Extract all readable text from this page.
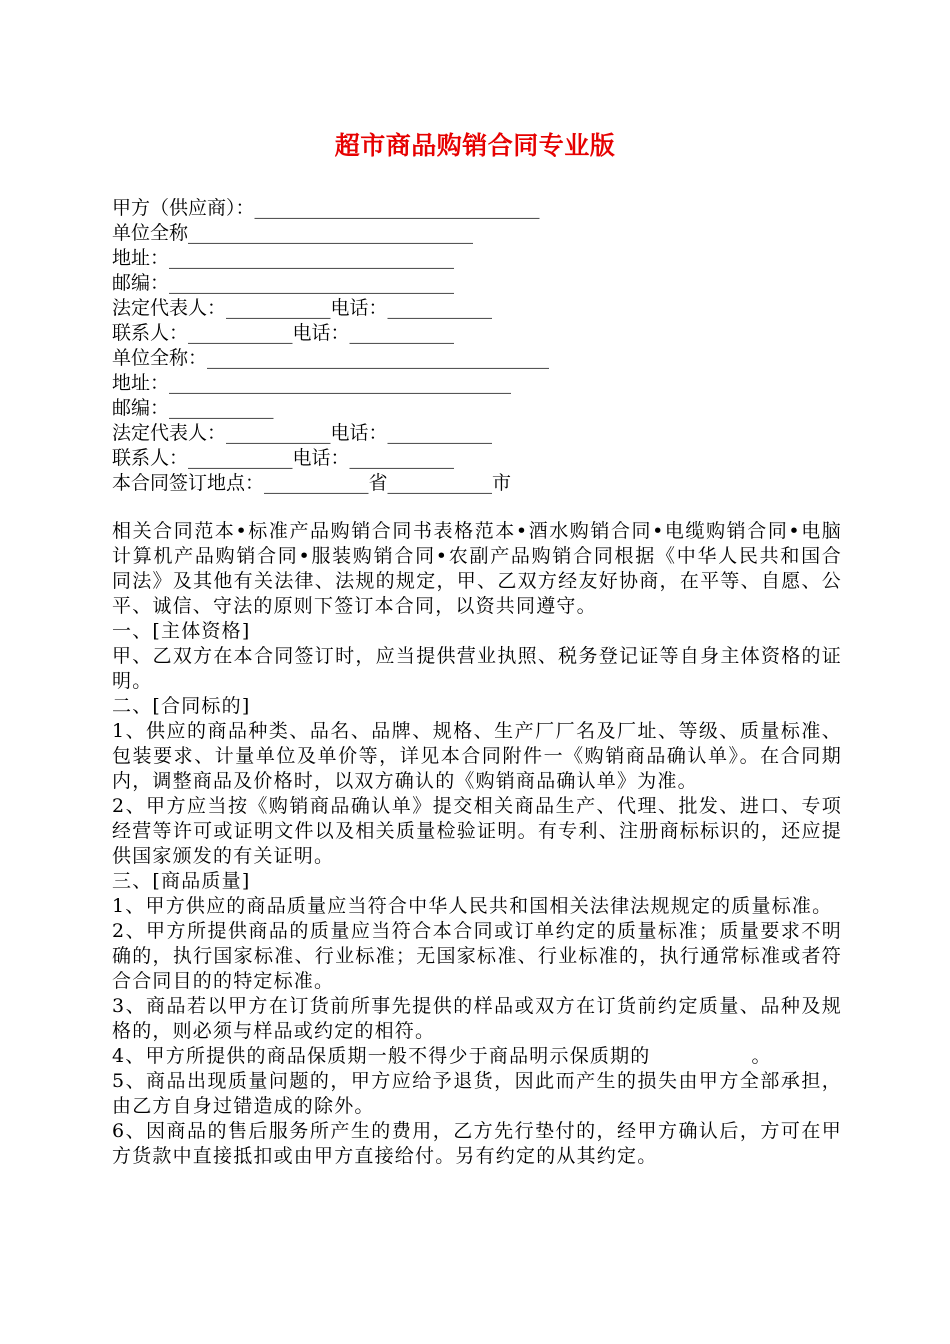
超市商品购销合同专业版
甲方（供应商）：______________________________
单位全称______________________________
地址：______________________________
邮编：______________________________
法定代表人：___________电话：___________
联系人：___________电话：___________
单位全称：____________________________________
地址：____________________________________
邮编：___________
法定代表人：___________电话：___________
联系人：___________电话：___________
本合同签订地点：___________省___________市

相关合同范本•标准产品购销合同书表格范本•酒水购销合同•电缆购销合同•电脑计算机产品购销合同•服装购销合同•农副产品购销合同根据《中华人民共和国合同法》及其他有关法律、法规的规定，甲、乙双方经友好协商，在平等、自愿、公平、诚信、守法的原则下签订本合同，以资共同遵守。

一、[主体资格]

甲、乙双方在本合同签订时，应当提供营业执照、税务登记证等自身主体资格的证明。

二、[合同标的]

1、供应的商品种类、品名、品牌、规格、生产厂厂名及厂址、等级、质量标准、包装要求、计量单位及单价等，详见本合同附件一《购销商品确认单》。在合同期内，调整商品及价格时，以双方确认的《购销商品确认单》为准。

2、甲方应当按《购销商品确认单》提交相关商品生产、代理、批发、进口、专项经营等许可或证明文件以及相关质量检验证明。有专利、注册商标标识的，还应提供国家颁发的有关证明。

三、[商品质量]

1、甲方供应的商品质量应当符合中华人民共和国相关法律法规规定的质量标准。

2、甲方所提供商品的质量应当符合本合同或订单约定的质量标准；质量要求不明确的，执行国家标准、行业标准；无国家标准、行业标准的，执行通常标准或者符合合同目的的特定标准。

3、商品若以甲方在订货前所事先提供的样品或双方在订货前约定质量、品种及规格的，则必须与样品或约定的相符。

4、甲方所提供的商品保质期一般不得少于商品明示保质期的　　　　　。

5、商品出现质量问题的，甲方应给予退货，因此而产生的损失由甲方全部承担，由乙方自身过错造成的除外。

6、因商品的售后服务所产生的费用，乙方先行垫付的，经甲方确认后，方可在甲方货款中直接抵扣或由甲方直接给付。另有约定的从其约定。
